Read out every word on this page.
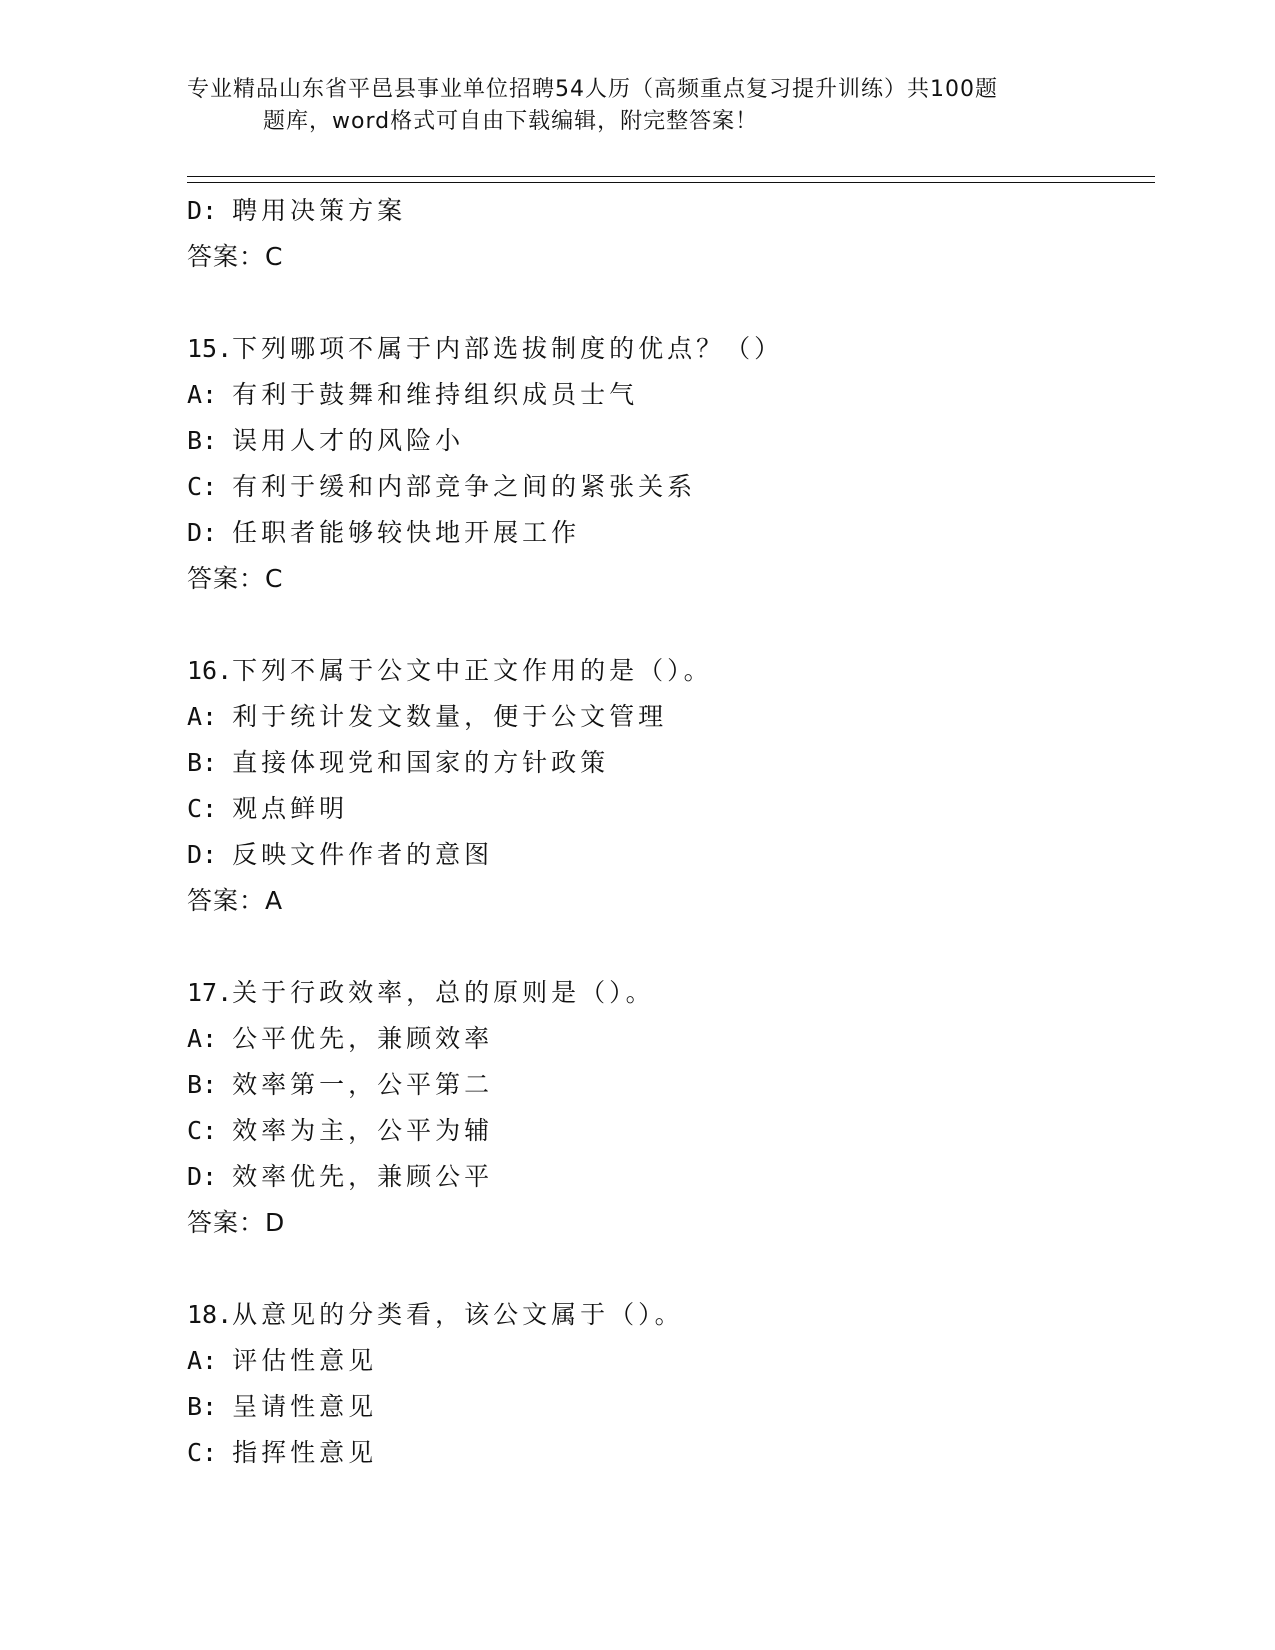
专业精品山东省平邑县事业单位招聘54人历（高频重点复习提升训练）共100题
题库，word格式可自由下载编辑，附完整答案！
D: 聘用决策方案
答案：C
15.下列哪项不属于内部选拔制度的优点？（）
A: 有利于鼓舞和维持组织成员士气
B: 误用人才的风险小
C: 有利于缓和内部竞争之间的紧张关系
D: 任职者能够较快地开展工作
答案：C
16.下列不属于公文中正文作用的是（）。
A: 利于统计发文数量，便于公文管理
B: 直接体现党和国家的方针政策
C: 观点鲜明
D: 反映文件作者的意图
答案：A
17.关于行政效率，总的原则是（）。
A: 公平优先，兼顾效率
B: 效率第一，公平第二
C: 效率为主，公平为辅
D: 效率优先，兼顾公平
答案：D
18.从意见的分类看，该公文属于（）。
A: 评估性意见
B: 呈请性意见
C: 指挥性意见
